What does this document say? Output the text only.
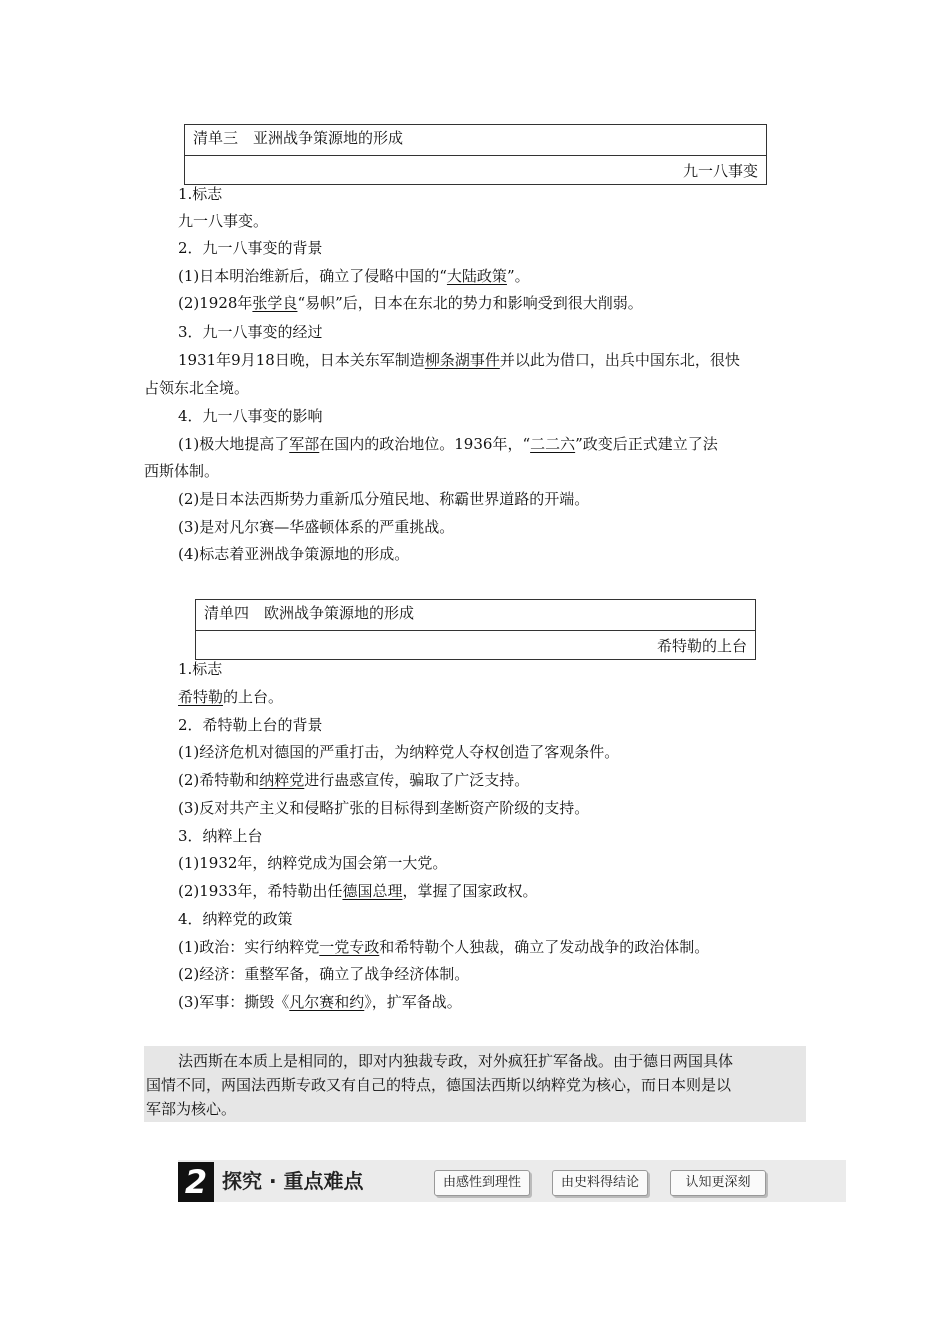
清单三　亚洲战争策源地的形成
九一八事变
1.标志
九一八事变。
2．九一八事变的背景
(1)日本明治维新后，确立了侵略中国的“大陆政策”。
(2)1928年张学良“易帜”后，日本在东北的势力和影响受到很大削弱。
3．九一八事变的经过
1931年9月18日晚，日本关东军制造柳条湖事件并以此为借口，出兵中国东北，很快
占领东北全境。
4．九一八事变的影响
(1)极大地提高了军部在国内的政治地位。1936年，“二二六”政变后正式建立了法
西斯体制。
(2)是日本法西斯势力重新瓜分殖民地、称霸世界道路的开端。
(3)是对凡尔赛—华盛顿体系的严重挑战。
(4)标志着亚洲战争策源地的形成。
清单四　欧洲战争策源地的形成
希特勒的上台
1.标志
希特勒的上台。
2．希特勒上台的背景
(1)经济危机对德国的严重打击，为纳粹党人夺权创造了客观条件。
(2)希特勒和纳粹党进行蛊惑宣传，骗取了广泛支持。
(3)反对共产主义和侵略扩张的目标得到垄断资产阶级的支持。
3．纳粹上台
(1)1932年，纳粹党成为国会第一大党。
(2)1933年，希特勒出任德国总理，掌握了国家政权。
4．纳粹党的政策
(1)政治：实行纳粹党一党专政和希特勒个人独裁，确立了发动战争的政治体制。
(2)经济：重整军备，确立了战争经济体制。
(3)军事：撕毁《凡尔赛和约》，扩军备战。
法西斯在本质上是相同的，即对内独裁专政，对外疯狂扩军备战。由于德日两国具体
国情不同，两国法西斯专政又有自己的特点，德国法西斯以纳粹党为核心，而日本则是以
军部为核心。
2 探究 · 重点难点	由感性到理性	由史料得结论	认知更深刻
